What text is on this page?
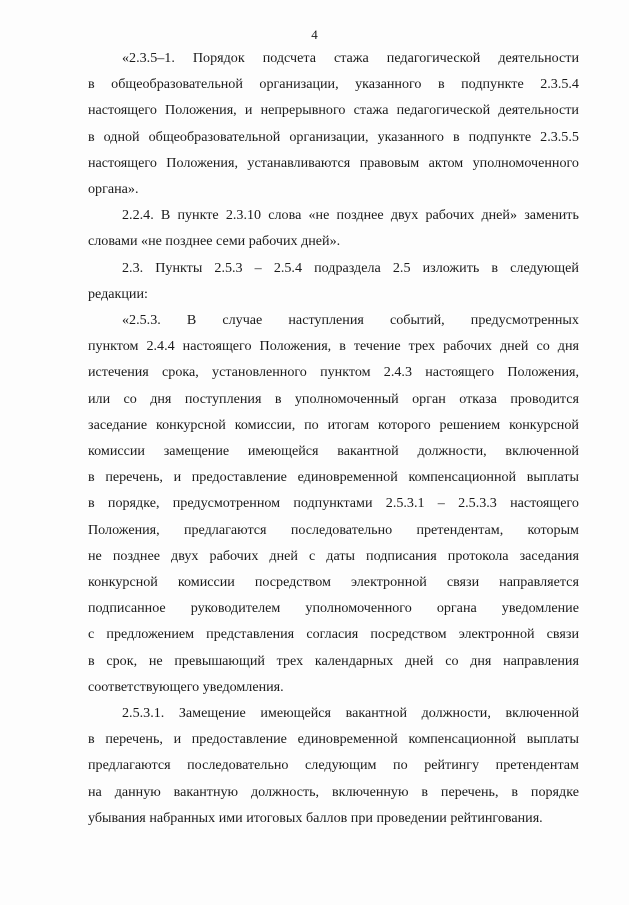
4

«2.3.5–1. Порядок подсчета стажа педагогической деятельности
в общеобразовательной организации, указанного в подпункте 2.3.5.4
настоящего Положения, и непрерывного стажа педагогической деятельности
в одной общеобразовательной организации, указанного в подпункте 2.3.5.5
настоящего Положения, устанавливаются правовым актом уполномоченного
органа».

2.2.4. В пункте 2.3.10 слова «не позднее двух рабочих дней» заменить
словами «не позднее семи рабочих дней».

2.3. Пункты 2.5.3 – 2.5.4 подраздела 2.5 изложить в следующей
редакции:

«2.5.3. В случае наступления событий, предусмотренных
пунктом 2.4.4 настоящего Положения, в течение трех рабочих дней со дня
истечения срока, установленного пунктом 2.4.3 настоящего Положения,
или со дня поступления в уполномоченный орган отказа проводится
заседание конкурсной комиссии, по итогам которого решением конкурсной
комиссии замещение имеющейся вакантной должности, включенной
в перечень, и предоставление единовременной компенсационной выплаты
в порядке, предусмотренном подпунктами 2.5.3.1 – 2.5.3.3 настоящего
Положения, предлагаются последовательно претендентам, которым
не позднее двух рабочих дней с даты подписания протокола заседания
конкурсной комиссии посредством электронной связи направляется
подписанное руководителем уполномоченного органа уведомление
с предложением представления согласия посредством электронной связи
в срок, не превышающий трех календарных дней со дня направления
соответствующего уведомления.

2.5.3.1. Замещение имеющейся вакантной должности, включенной
в перечень, и предоставление единовременной компенсационной выплаты
предлагаются последовательно следующим по рейтингу претендентам
на данную вакантную должность, включенную в перечень, в порядке
убывания набранных ими итоговых баллов при проведении рейтингования.
